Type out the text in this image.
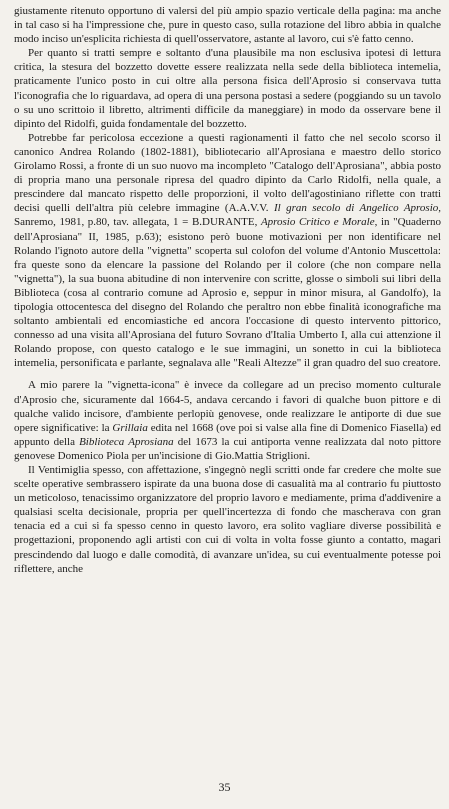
giustamente ritenuto opportuno di valersi del più ampio spazio verticale della pagina: ma anche in tal caso si ha l'impressione che, pure in questo caso, sulla rotazione del libro abbia in qualche modo inciso un'esplicita richiesta di quell'osservatore, astante al lavoro, cui s'è fatto cenno.

Per quanto si tratti sempre e soltanto d'una plausibile ma non esclusiva ipotesi di lettura critica, la stesura del bozzetto dovette essere realizzata nella sede della biblioteca intemelia, praticamente l'unico posto in cui oltre alla persona fisica dell'Aprosio si conservava tutta l'iconografia che lo riguardava, ad opera di una persona postasi a sedere (poggiando su un tavolo o su uno scrittoio il libretto, altrimenti difficile da maneggiare) in modo da osservare bene il dipinto del Ridolfi, guida fondamentale del bozzetto.

Potrebbe far pericolosa eccezione a questi ragionamenti il fatto che nel secolo scorso il canonico Andrea Rolando (1802-1881), bibliotecario all'Aprosiana e maestro dello storico Girolamo Rossi, a fronte di un suo nuovo ma incompleto "Catalogo dell'Aprosiana", abbia posto di propria mano una personale ripresa del quadro dipinto da Carlo Ridolfi, nella quale, a prescindere dal mancato rispetto delle proporzioni, il volto dell'agostiniano riflette con tratti decisi quelli dell'altra più celebre immagine (A.A.V.V. Il gran secolo di Angelico Aprosio, Sanremo, 1981, p.80, tav. allegata, 1 = B.DURANTE, Aprosio Critico e Morale, in "Quaderno dell'Aprosiana" II, 1985, p.63); esistono però buone motivazioni per non identificare nel Rolando l'ignoto autore della "vignetta" scoperta sul colofon del volume d'Antonio Muscettola: fra queste sono da elencare la passione del Rolando per il colore (che non compare nella "vignetta"), la sua buona abitudine di non intervenire con scritte, glosse o simboli sui libri della Biblioteca (cosa al contrario comune ad Aprosio e, seppur in minor misura, al Gandolfo), la tipologia ottocentesca del disegno del Rolando che peraltro non ebbe finalità iconografiche ma soltanto ambientali ed encomiastiche ed ancora l'occasione di questo intervento pittorico, connesso ad una visita all'Aprosiana del futuro Sovrano d'Italia Umberto I, alla cui attenzione il Rolando propose, con questo catalogo e le sue immagini, un sonetto in cui la biblioteca intemelia, personificata e parlante, segnalava alle "Reali Altezze" il gran quadro del suo creatore.

A mio parere la "vignetta-icona" è invece da collegare ad un preciso momento culturale d'Aprosio che, sicuramente dal 1664-5, andava cercando i favori di qualche buon pittore e di qualche valido incisore, d'ambiente perlopiù genovese, onde realizzare le antiporte di due sue opere significative: la Grillaia edita nel 1668 (ove poi si valse alla fine di Domenico Fiasella) ed appunto della Biblioteca Aprosiana del 1673 la cui antiporta venne realizzata dal noto pittore genovese Domenico Piola per un'incisione di Gio.Mattia Striglioni.

Il Ventimiglia spesso, con affettazione, s'ingegnò negli scritti onde far credere che molte sue scelte operative sembrassero ispirate da una buona dose di casualità ma al contrario fu piuttosto un meticoloso, tenacissimo organizzatore del proprio lavoro e mediamente, prima d'addivenire a qualsiasi scelta decisionale, propria per quell'incertezza di fondo che mascherava con gran tenacia ed a cui si fa spesso cenno in questo lavoro, era solito vagliare diverse possibilità e progettazioni, proponendo agli artisti con cui di volta in volta fosse giunto a contatto, magari prescindendo dal luogo e dalle comodità, di avanzare un'idea, su cui eventualmente potesse poi riflettere, anche

35
